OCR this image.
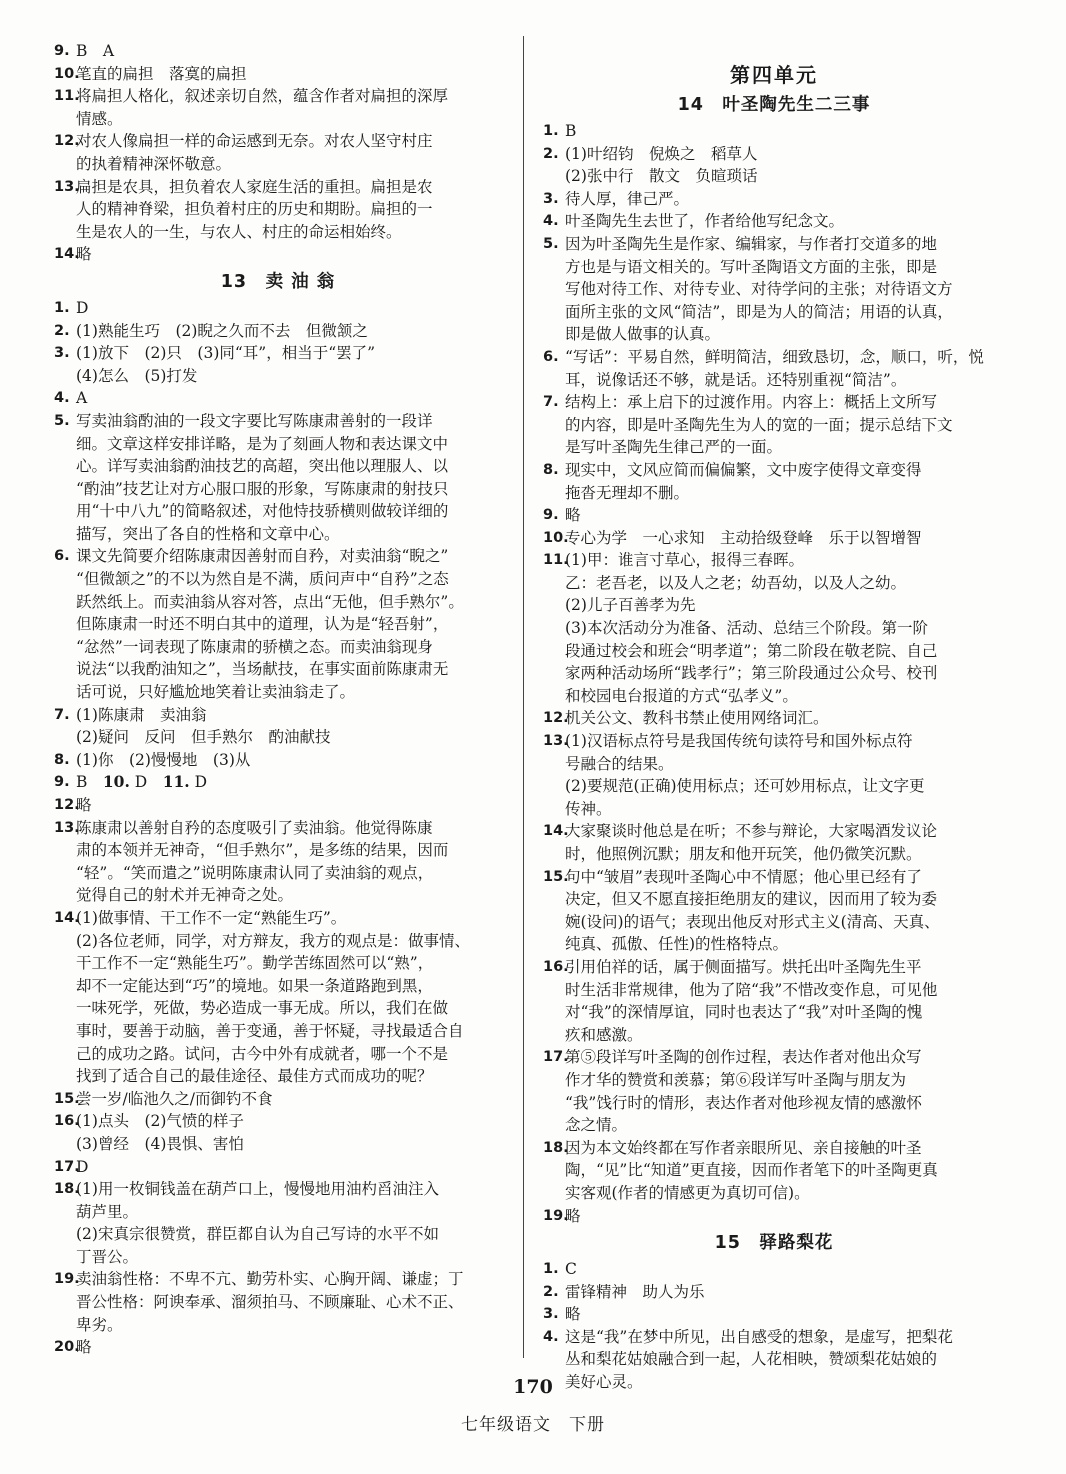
9. B　A
10.
笔直的扁担　落寞的扁担
11.
将扁担人格化，叙述亲切自然，蕴含作者对扁担的深厚
情感。
12.
对农人像扁担一样的命运感到无奈。对农人坚守村庄
的执着精神深怀敬意。
13.
扁担是农具，担负着农人家庭生活的重担。扁担是农
人的精神脊梁，担负着村庄的历史和期盼。扁担的一
生是农人的一生，与农人、村庄的命运相始终。
14.
略
13　卖 油 翁
1. D
2. (1)熟能生巧　(2)睨之久而不去　但微颔之
3. (1)放下　(2)只　(3)同“耳”，相当于“罢了”
(4)怎么　(5)打发
4. A
5. 写卖油翁酌油的一段文字要比写陈康肃善射的一段详
细。文章这样安排详略，是为了刻画人物和表达课文中
心。详写卖油翁酌油技艺的高超，突出他以理服人、以
“酌油”技艺让对方心服口服的形象，写陈康肃的射技只
用“十中八九”的简略叙述，对他恃技骄横则做较详细的
描写，突出了各自的性格和文章中心。
6. 课文先简要介绍陈康肃因善射而自矜，对卖油翁“睨之”
“但微颔之”的不以为然自是不满，质问声中“自矜”之态
跃然纸上。而卖油翁从容对答，点出“无他，但手熟尔”。
但陈康肃一时还不明白其中的道理，认为是“轻吾射”，
“忿然”一词表现了陈康肃的骄横之态。而卖油翁现身
说法“以我酌油知之”，当场献技，在事实面前陈康肃无
话可说，只好尴尬地笑着让卖油翁走了。
7. (1)陈康肃　卖油翁
(2)疑问　反问　但手熟尔　酌油献技
8. (1)你　(2)慢慢地　(3)从
9. B　10. D　11. D
12.
略
13.
陈康肃以善射自矜的态度吸引了卖油翁。他觉得陈康
肃的本领并无神奇，“但手熟尔”，是多练的结果，因而
“轻”。“笑而遣之”说明陈康肃认同了卖油翁的观点，
觉得自己的射术并无神奇之处。
14.
(1)做事情、干工作不一定“熟能生巧”。
(2)各位老师，同学，对方辩友，我方的观点是：做事情、
干工作不一定“熟能生巧”。勤学苦练固然可以“熟”，
却不一定能达到“巧”的境地。如果一条道路跑到黑，
一味死学，死做，势必造成一事无成。所以，我们在做
事时，要善于动脑，善于变通，善于怀疑，寻找最适合自
己的成功之路。试问，古今中外有成就者，哪一个不是
找到了适合自己的最佳途径、最佳方式而成功的呢？
15.
尝一岁/临池久之/而御钓不食
16.
(1)点头　(2)气愤的样子
(3)曾经　(4)畏惧、害怕
17.
D
18.
(1)用一枚铜钱盖在葫芦口上，慢慢地用油杓舀油注入
葫芦里。
(2)宋真宗很赞赏，群臣都自认为自己写诗的水平不如
丁晋公。
19.
卖油翁性格：不卑不亢、勤劳朴实、心胸开阔、谦虚；丁
晋公性格：阿谀奉承、溜须拍马、不顾廉耻、心术不正、
卑劣。
20.
略
第四单元
14　叶圣陶先生二三事
1. B
2. (1)叶绍钧　倪焕之　稻草人
(2)张中行　散文　负暄琐话
3. 待人厚，律己严。
4. 叶圣陶先生去世了，作者给他写纪念文。
5. 因为叶圣陶先生是作家、编辑家，与作者打交道多的地
方也是与语文相关的。写叶圣陶语文方面的主张，即是
写他对待工作、对待专业、对待学问的主张；对待语文方
面所主张的文风“简洁”，即是为人的简洁；用语的认真，
即是做人做事的认真。
6. “写话”：平易自然，鲜明简洁，细致恳切，念，顺口，听，悦
耳，说像话还不够，就是话。还特别重视“简洁”。
7. 结构上：承上启下的过渡作用。内容上：概括上文所写
的内容，即是叶圣陶先生为人的宽的一面；提示总结下文
是写叶圣陶先生律己严的一面。
8. 现实中，文风应简而偏偏繁，文中废字使得文章变得
拖沓无理却不删。
9. 略
10.
专心为学　一心求知　主动拾级登峰　乐于以智增智
11.
(1)甲：谁言寸草心，报得三春晖。
乙：老吾老，以及人之老；幼吾幼，以及人之幼。
(2)儿子百善孝为先
(3)本次活动分为准备、活动、总结三个阶段。第一阶
段通过校会和班会“明孝道”；第二阶段在敬老院、自己
家两种活动场所“践孝行”；第三阶段通过公众号、校刊
和校园电台报道的方式“弘孝义”。
12.
机关公文、教科书禁止使用网络词汇。
13.
(1)汉语标点符号是我国传统句读符号和国外标点符
号融合的结果。
(2)要规范(正确)使用标点；还可妙用标点，让文字更
传神。
14.
大家聚谈时他总是在听；不参与辩论，大家喝酒发议论
时，他照例沉默；朋友和他开玩笑，他仍微笑沉默。
15.
句中“皱眉”表现叶圣陶心中不情愿；他心里已经有了
决定，但又不愿直接拒绝朋友的建议，因而用了较为委
婉(设问)的语气；表现出他反对形式主义(清高、天真、
纯真、孤傲、任性)的性格特点。
16.
引用伯祥的话，属于侧面描写。烘托出叶圣陶先生平
时生活非常规律，他为了陪“我”不惜改变作息，可见他
对“我”的深情厚谊，同时也表达了“我”对叶圣陶的愧
疚和感激。
17.
第⑤段详写叶圣陶的创作过程，表达作者对他出众写
作才华的赞赏和羡慕；第⑥段详写叶圣陶与朋友为
“我”饯行时的情形，表达作者对他珍视友情的感激怀
念之情。
18.
因为本文始终都在写作者亲眼所见、亲自接触的叶圣
陶，“见”比“知道”更直接，因而作者笔下的叶圣陶更真
实客观(作者的情感更为真切可信)。
19.
略
15　驿路梨花
1. C
2. 雷锋精神　助人为乐
3. 略
4. 这是“我”在梦中所见，出自感受的想象，是虚写，把梨花
丛和梨花姑娘融合到一起，人花相映，赞颂梨花姑娘的
美好心灵。
170
七年级语文　下册
